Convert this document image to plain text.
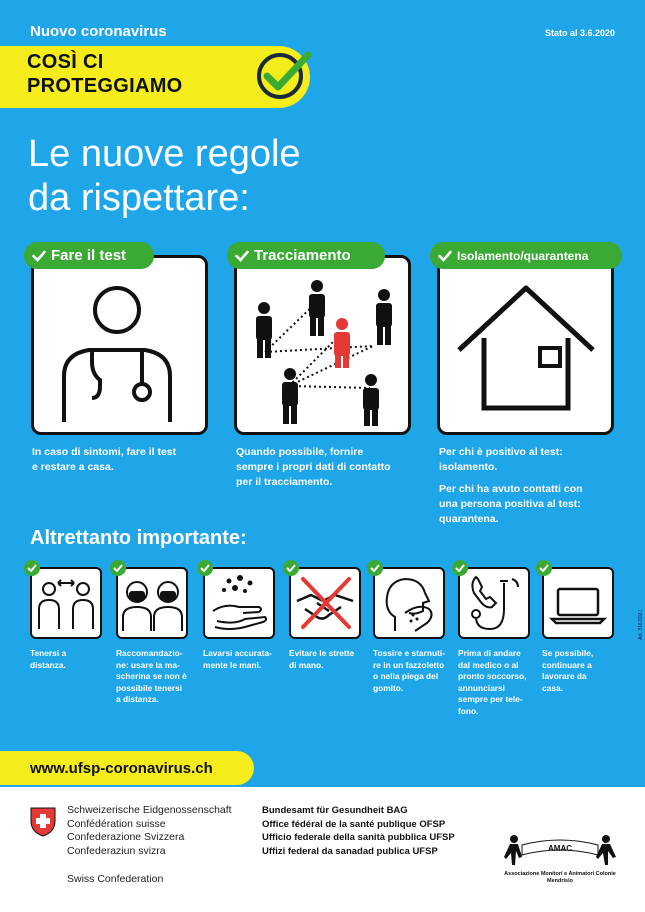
Nuovo coronavirus	Stato al 3.6.2020
COSÌ CI
PROTEGGIAMO
Le nuove regole
da rispettare:
Fare il test
In caso di sintomi, fare il test
e restare a casa.
Tracciamento
Quando possibile, fornire
sempre i propri dati di contatto
per il tracciamento.
Isolamento/quarantena
Per chi è positivo al test:
isolamento.
Per chi ha avuto contatti con
una persona positiva al test:
quarantena.
Altrettanto importante:
Tenersi a
distanza.
Raccomandazio-
ne: usare la ma-
scherina se non è
possibile tenersi
a distanza.
Lavarsi accurata-
mente le mani.
Evitare le strette
di mano.
Tossire e starnuti-
re in un fazzoletto
o nella piega del
gomito.
Prima di andare
dal medico o al
pronto soccorso,
annunciarsi
sempre per tele-
fono.
Se possibile,
continuare a
lavorare da
casa.
Art. 316.602.i
www.ufsp-coronavirus.ch
Schweizerische Eidgenossenschaft
Confédération suisse
Confederazione Svizzera
Confederaziun svizra
Swiss Confederation
Bundesamt für Gesundheit BAG
Office fédéral de la santé publique OFSP
Ufficio federale della sanità pubblica UFSP
Uffizi federal da sanadad publica UFSP	AMAC
Associazione Monitori e Animatori Colonie
Mendrisio
